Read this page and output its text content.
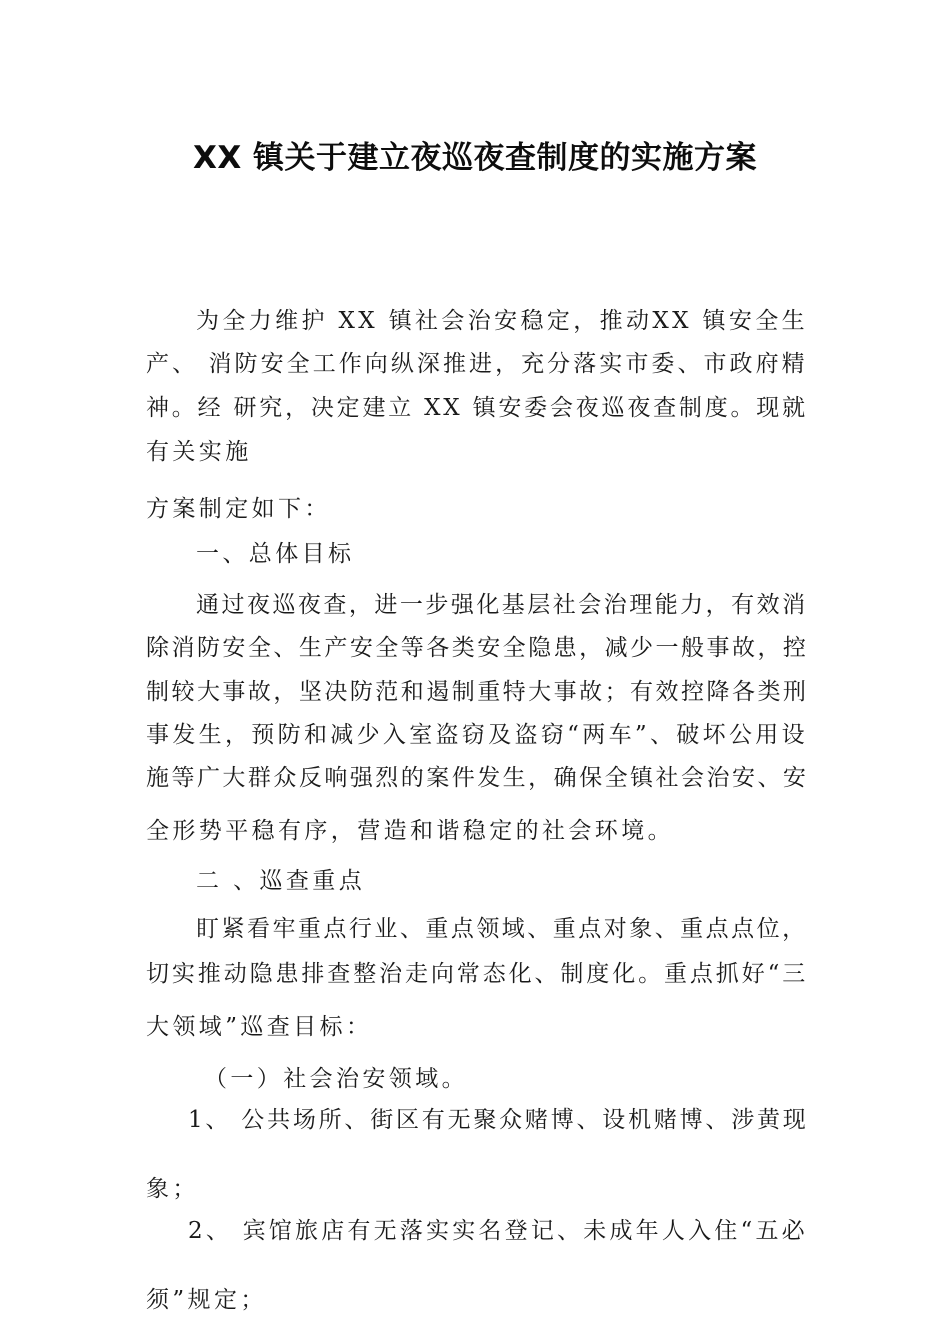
XX 镇关于建立夜巡夜查制度的实施方案
为全力维护 XX 镇社会治安稳定，推动XX 镇安全生
产、 消防安全工作向纵深推进，充分落实市委、市政府精
神。经 研究，决定建立 XX 镇安委会夜巡夜查制度。现就
有关实施
方案制定如下：
一、总体目标
通过夜巡夜查，进一步强化基层社会治理能力，有效消
除消防安全、生产安全等各类安全隐患，减少一般事故，控
制较大事故，坚决防范和遏制重特大事故；有效控降各类刑
事发生，预防和减少入室盗窃及盗窃“两车”、破坏公用设
施等广大群众反响强烈的案件发生，确保全镇社会治安、安
全形势平稳有序，营造和谐稳定的社会环境。
二 、巡查重点
盯紧看牢重点行业、重点领域、重点对象、重点点位，
切实推动隐患排查整治走向常态化、制度化。重点抓好“三
大领域”巡查目标：
（一）社会治安领域。
1、 公共场所、街区有无聚众赌博、设机赌博、涉黄现
象；
2、 宾馆旅店有无落实实名登记、未成年人入住“五必
须”规定；
